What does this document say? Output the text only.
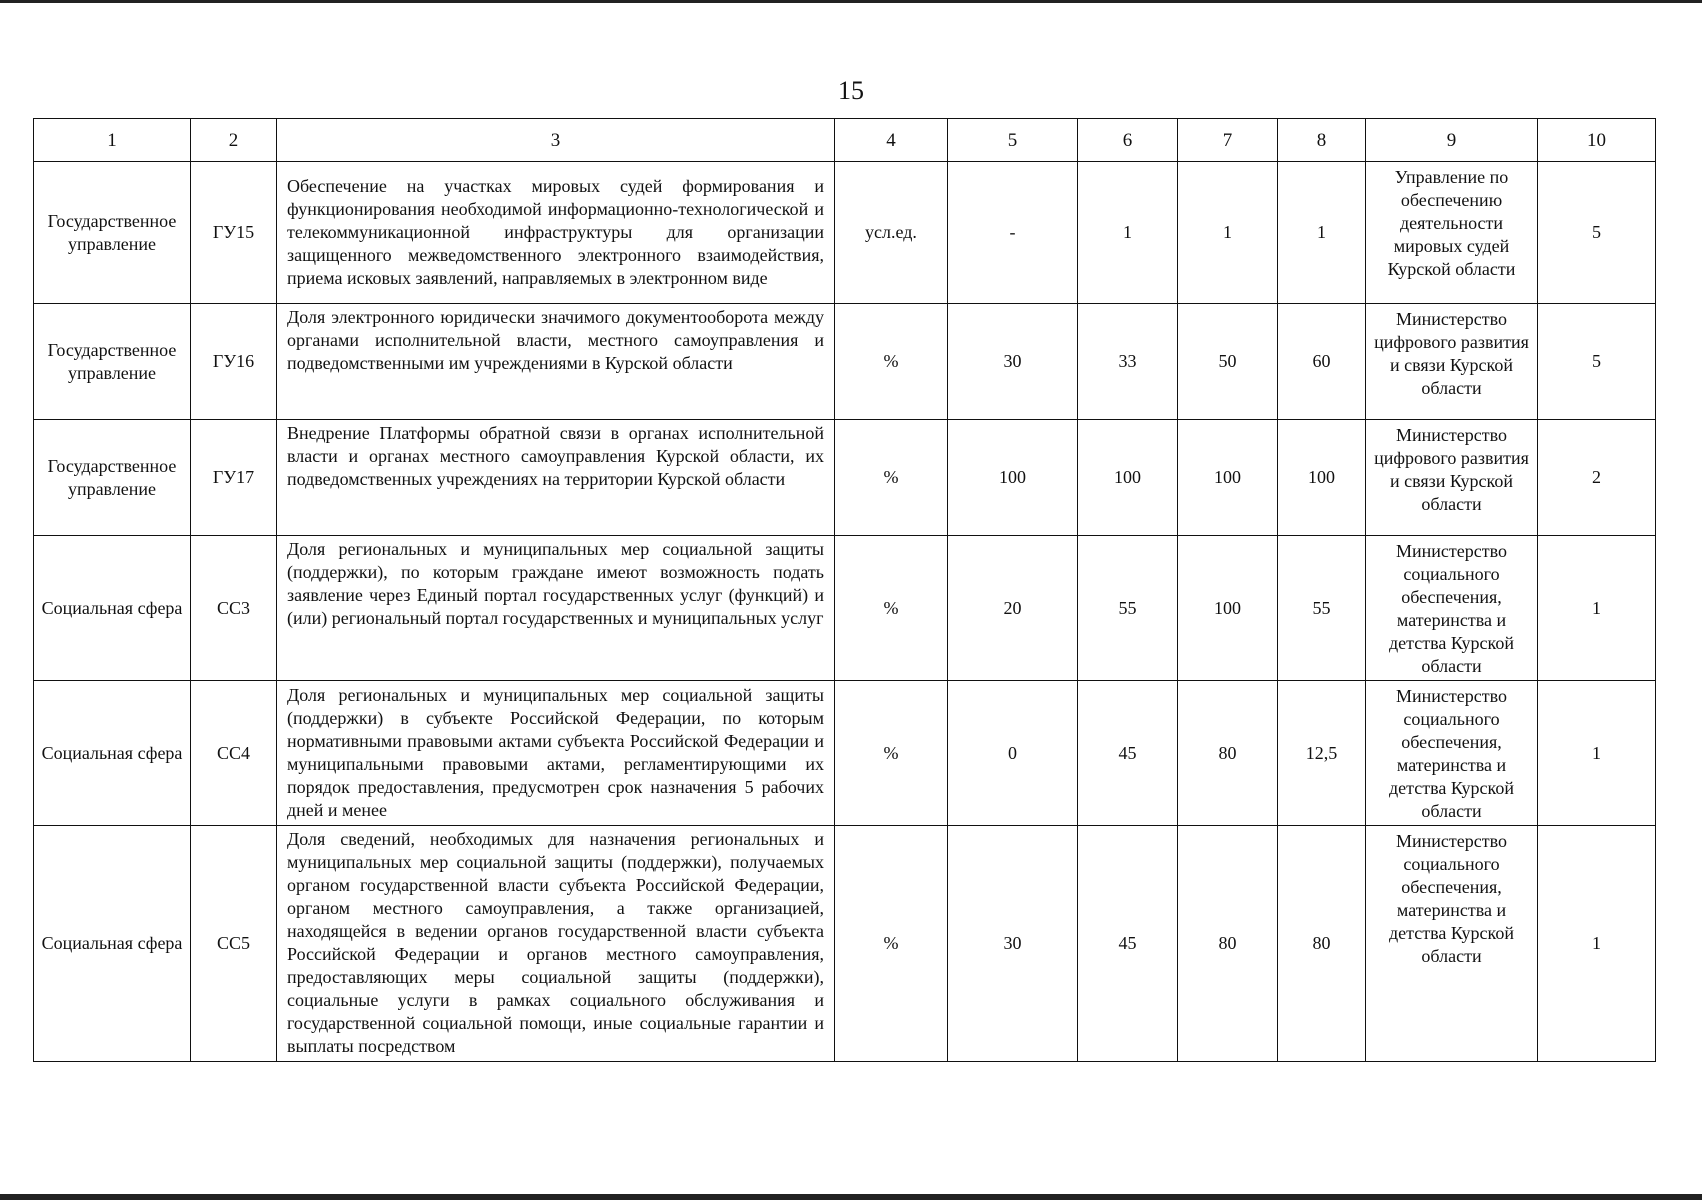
15
1	2	3	4	5	6	7	8	9	10
Государственное управление	ГУ15	Обеспечение на участках мировых судей формирования и функционирования необходимой информационно-технологической и телекоммуникационной инфраструктуры для организации защищенного межведомственного электронного взаимодействия, приема исковых заявлений, направляемых в электронном виде	усл.ед.	-	1	1	1	Управление по обеспечению деятельности мировых судей Курской области	5
Государственное управление	ГУ16	Доля электронного юридически значимого документооборота между органами исполнительной власти, местного самоуправления и подведомственными им учреждениями в Курской области	%	30	33	50	60	Министерство цифрового развития и связи Курской области	5
Государственное управление	ГУ17	Внедрение Платформы обратной связи в органах исполнительной власти и органах местного самоуправления Курской области, их подведомственных учреждениях на территории Курской области	%	100	100	100	100	Министерство цифрового развития и связи Курской области	2
Социальная сфера	СС3	Доля региональных и муниципальных мер социальной защиты (поддержки), по которым граждане имеют возможность подать заявление через Единый портал государственных услуг (функций) и (или) региональный портал государственных и муниципальных услуг	%	20	55	100	55	Министерство социального обеспечения, материнства и детства Курской области	1
Социальная сфера	СС4	Доля региональных и муниципальных мер социальной защиты (поддержки) в субъекте Российской Федерации, по которым нормативными правовыми актами субъекта Российской Федерации и муниципальными правовыми актами, регламентирующими их порядок предоставления, предусмотрен срок назначения 5 рабочих дней и менее	%	0	45	80	12,5	Министерство социального обеспечения, материнства и детства Курской области	1
Социальная сфера	СС5	Доля сведений, необходимых для назначения региональных и муниципальных мер социальной защиты (поддержки), получаемых органом государственной власти субъекта Российской Федерации, органом местного самоуправления, а также организацией, находящейся в ведении органов государственной власти субъекта Российской Федерации и органов местного самоуправления, предоставляющих меры социальной защиты (поддержки), социальные услуги в рамках социального обслуживания и государственной социальной помощи, иные социальные гарантии и выплаты посредством	%	30	45	80	80	Министерство социального обеспечения, материнства и детства Курской области	1
